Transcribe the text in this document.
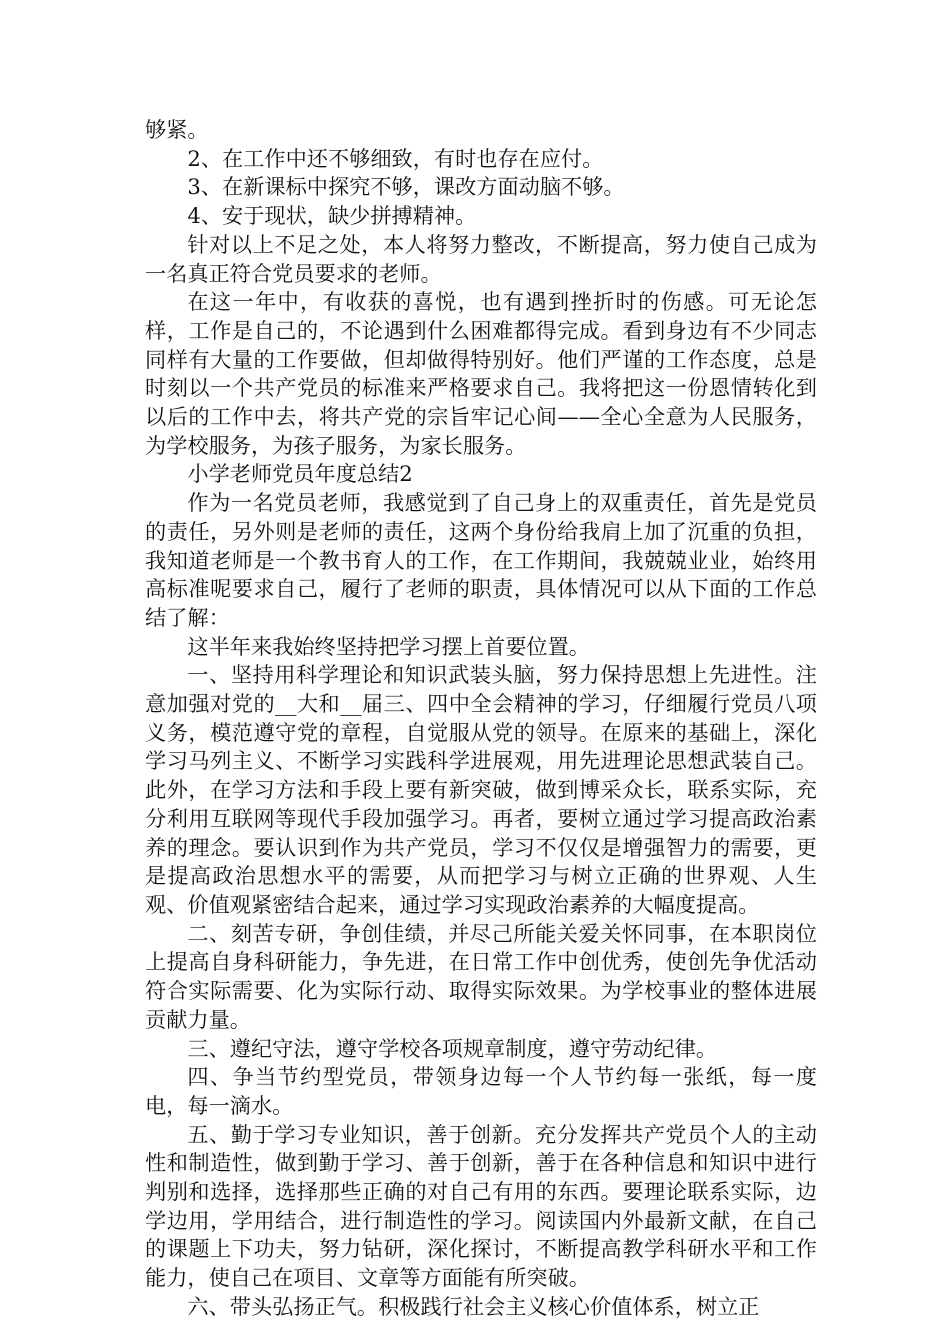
够紧。

2、在工作中还不够细致，有时也存在应付。

3、在新课标中探究不够，课改方面动脑不够。

4、安于现状，缺少拼搏精神。

针对以上不足之处，本人将努力整改，不断提高，努力使自己成为一名真正符合党员要求的老师。

在这一年中，有收获的喜悦，也有遇到挫折时的伤感。可无论怎样，工作是自己的，不论遇到什么困难都得完成。看到身边有不少同志同样有大量的工作要做，但却做得特别好。他们严谨的工作态度，总是时刻以一个共产党员的标准来严格要求自己。我将把这一份恩情转化到以后的工作中去，将共产党的宗旨牢记心间——全心全意为人民服务，为学校服务，为孩子服务，为家长服务。

小学老师党员年度总结2

作为一名党员老师，我感觉到了自己身上的双重责任，首先是党员的责任，另外则是老师的责任，这两个身份给我肩上加了沉重的负担，我知道老师是一个教书育人的工作，在工作期间，我兢兢业业，始终用高标准呢要求自己，履行了老师的职责，具体情况可以从下面的工作总结了解：

这半年来我始终坚持把学习摆上首要位置。

一、坚持用科学理论和知识武装头脑，努力保持思想上先进性。注意加强对党的__大和__届三、四中全会精神的学习，仔细履行党员八项义务，模范遵守党的章程，自觉服从党的领导。在原来的基础上，深化学习马列主义、不断学习实践科学进展观，用先进理论思想武装自己。此外，在学习方法和手段上要有新突破，做到博采众长，联系实际，充分利用互联网等现代手段加强学习。再者，要树立通过学习提高政治素养的理念。要认识到作为共产党员，学习不仅仅是增强智力的需要，更是提高政治思想水平的需要，从而把学习与树立正确的世界观、人生观、价值观紧密结合起来，通过学习实现政治素养的大幅度提高。

二、刻苦专研，争创佳绩，并尽己所能关爱关怀同事，在本职岗位上提高自身科研能力，争先进，在日常工作中创优秀，使创先争优活动符合实际需要、化为实际行动、取得实际效果。为学校事业的整体进展贡献力量。

三、遵纪守法，遵守学校各项规章制度，遵守劳动纪律。

四、争当节约型党员，带领身边每一个人节约每一张纸，每一度电，每一滴水。

五、勤于学习专业知识，善于创新。充分发挥共产党员个人的主动性和制造性，做到勤于学习、善于创新，善于在各种信息和知识中进行判别和选择，选择那些正确的对自己有用的东西。要理论联系实际，边学边用，学用结合，进行制造性的学习。阅读国内外最新文献，在自己的课题上下功夫，努力钻研，深化探讨，不断提高教学科研水平和工作能力，使自己在项目、文章等方面能有所突破。

六、带头弘扬正气。积极践行社会主义核心价值体系，树立正
